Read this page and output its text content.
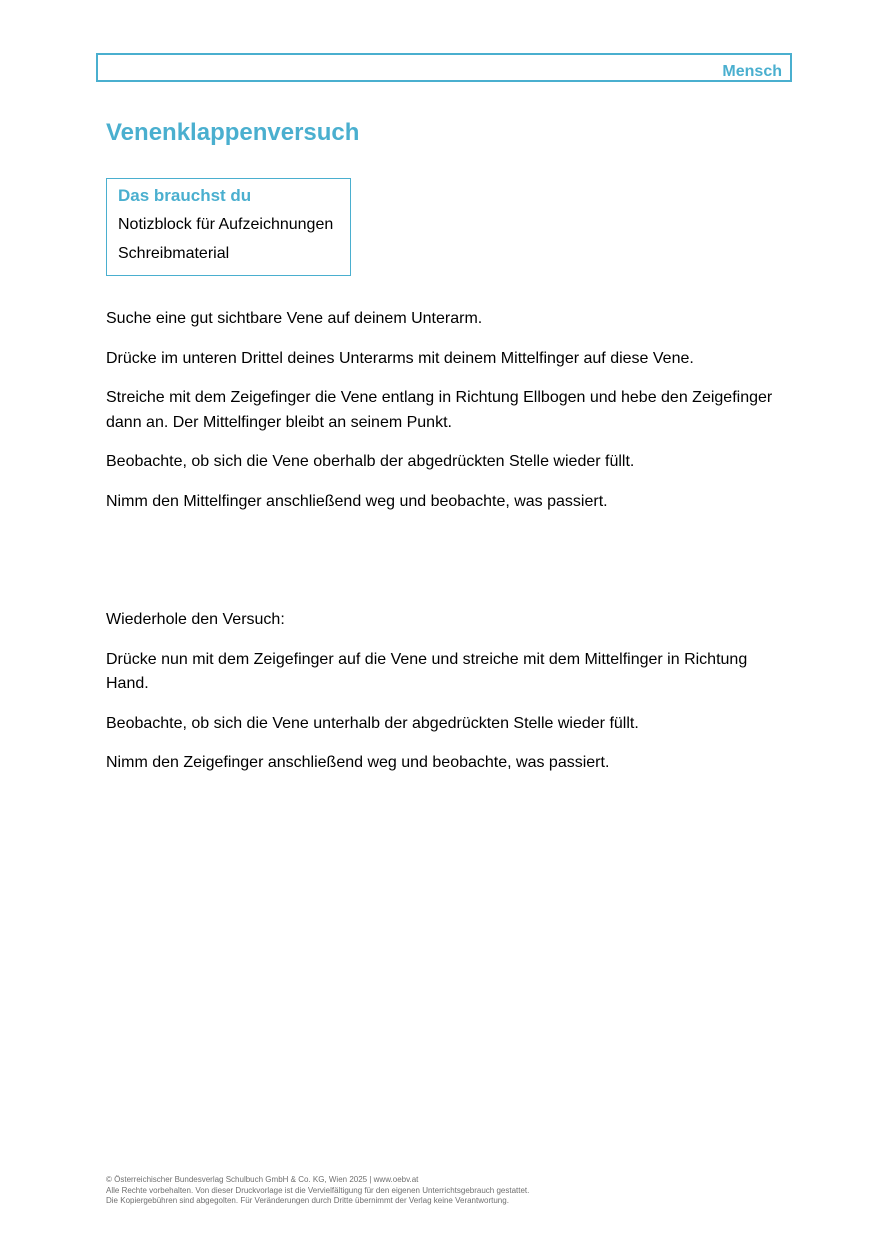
Mensch
Venenklappenversuch
Das brauchst du
Notizblock für Aufzeichnungen
Schreibmaterial
Suche eine gut sichtbare Vene auf deinem Unterarm.
Drücke im unteren Drittel deines Unterarms mit deinem Mittelfinger auf diese Vene.
Streiche mit dem Zeigefinger die Vene entlang in Richtung Ellbogen und hebe den Zeigefinger dann an. Der Mittelfinger bleibt an seinem Punkt.
Beobachte, ob sich die Vene oberhalb der abgedrückten Stelle wieder füllt.
Nimm den Mittelfinger anschließend weg und beobachte, was passiert.
Wiederhole den Versuch:
Drücke nun mit dem Zeigefinger auf die Vene und streiche mit dem Mittelfinger in Richtung Hand.
Beobachte, ob sich die Vene unterhalb der abgedrückten Stelle wieder füllt.
Nimm den Zeigefinger anschließend weg und beobachte, was passiert.
© Österreichischer Bundesverlag Schulbuch GmbH & Co. KG, Wien 2025 | www.oebv.at
Alle Rechte vorbehalten. Von dieser Druckvorlage ist die Vervielfältigung für den eigenen Unterrichtsgebrauch gestattet.
Die Kopiergebühren sind abgegolten. Für Veränderungen durch Dritte übernimmt der Verlag keine Verantwortung.
